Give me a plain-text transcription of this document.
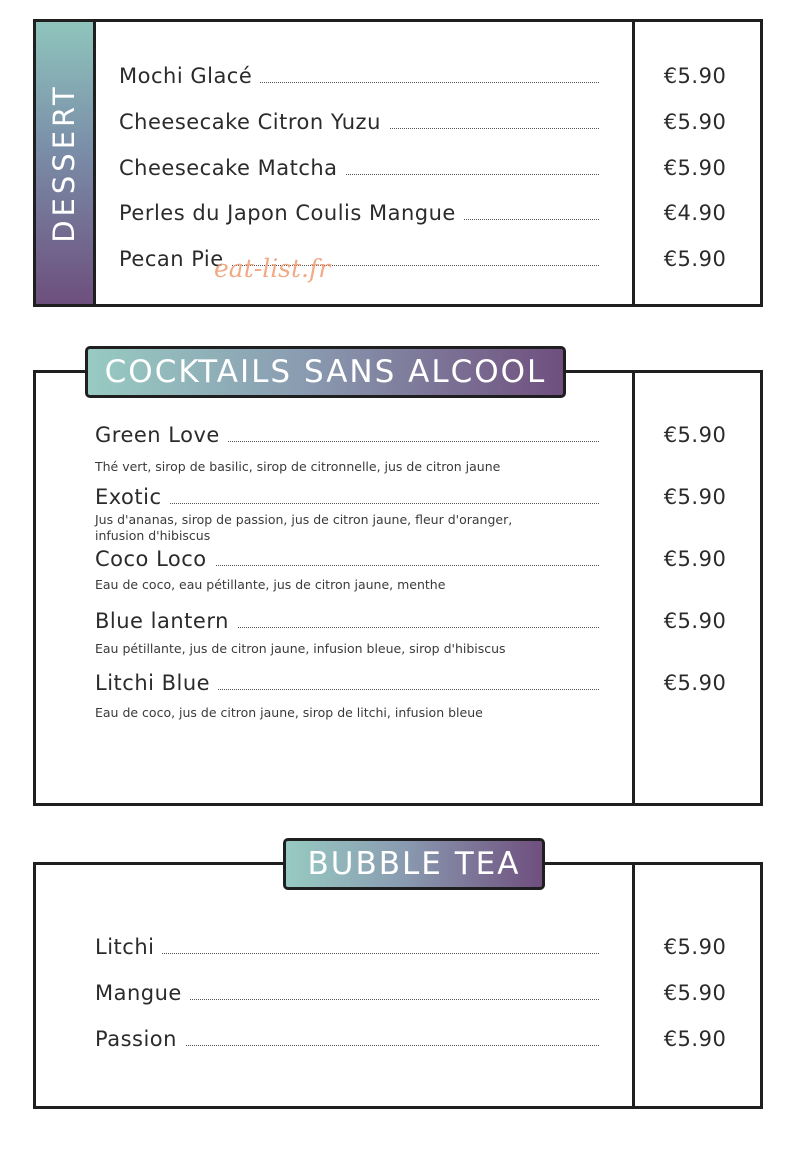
DESSERT
Mochi Glacé	€5.90
Cheesecake Citron Yuzu	€5.90
Cheesecake Matcha	€5.90
Perles du Japon Coulis Mangue	€4.90
Pecan Pie	€5.90
eat-list.fr
COCKTAILS SANS ALCOOL
Green Love	€5.90
Thé vert, sirop de basilic, sirop de citronnelle, jus de citron jaune
Exotic	€5.90
Jus d'ananas, sirop de passion, jus de citron jaune, fleur d'oranger, infusion d'hibiscus
Coco Loco	€5.90
Eau de coco, eau pétillante, jus de citron jaune, menthe
Blue lantern	€5.90
Eau pétillante, jus de citron jaune, infusion bleue, sirop d'hibiscus
Litchi Blue	€5.90
Eau de coco, jus de citron jaune, sirop de litchi, infusion bleue
BUBBLE TEA
Litchi	€5.90
Mangue	€5.90
Passion	€5.90
